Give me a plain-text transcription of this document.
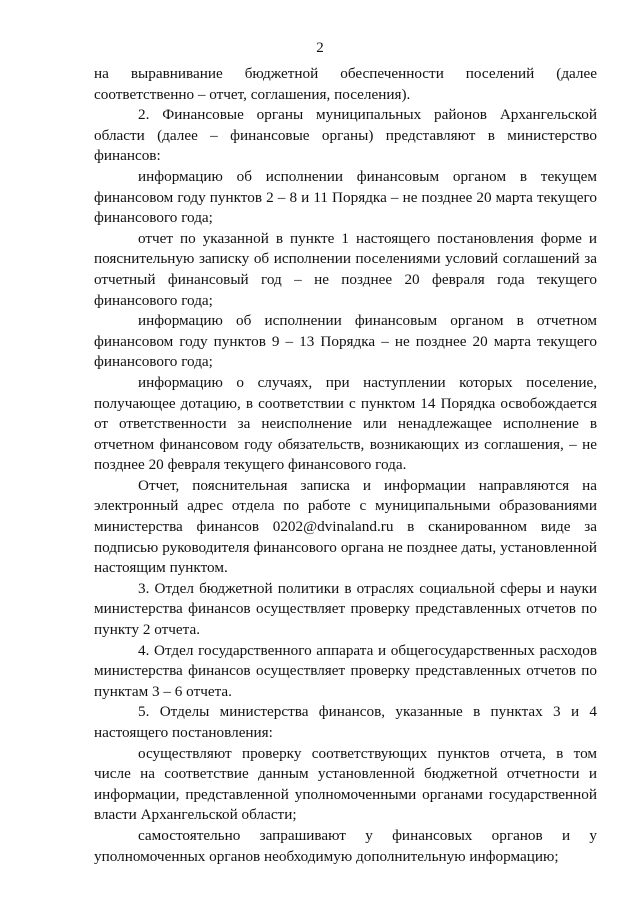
2

на выравнивание бюджетной обеспеченности поселений (далее соответственно – отчет, соглашения, поселения).

2. Финансовые органы муниципальных районов Архангельской области (далее – финансовые органы) представляют в министерство финансов:

информацию об исполнении финансовым органом в текущем финансовом году пунктов 2 – 8 и 11 Порядка – не позднее 20 марта текущего финансового года;

отчет по указанной в пункте 1 настоящего постановления форме и пояснительную записку об исполнении поселениями условий соглашений за отчетный финансовый год – не позднее 20 февраля года текущего финансового года;

информацию об исполнении финансовым органом в отчетном финансовом году пунктов 9 – 13 Порядка – не позднее 20 марта текущего финансового года;

информацию о случаях, при наступлении которых поселение, получающее дотацию, в соответствии с пунктом 14 Порядка освобождается от ответственности за неисполнение или ненадлежащее исполнение в отчетном финансовом году обязательств, возникающих из соглашения, – не позднее 20 февраля текущего финансового года.

Отчет, пояснительная записка и информации направляются на электронный адрес отдела по работе с муниципальными образованиями министерства финансов 0202@dvinaland.ru в сканированном виде за подписью руководителя финансового органа не позднее даты, установленной настоящим пунктом.

3. Отдел бюджетной политики в отраслях социальной сферы и науки министерства финансов осуществляет проверку представленных отчетов по пункту 2 отчета.

4. Отдел государственного аппарата и общегосударственных расходов министерства финансов осуществляет проверку представленных отчетов по пунктам 3 – 6 отчета.

5. Отделы министерства финансов, указанные в пунктах 3 и 4 настоящего постановления:

осуществляют проверку соответствующих пунктов отчета, в том числе на соответствие данным установленной бюджетной отчетности и информации, представленной уполномоченными органами государственной власти Архангельской области;

самостоятельно запрашивают у финансовых органов и у уполномоченных органов необходимую дополнительную информацию;
